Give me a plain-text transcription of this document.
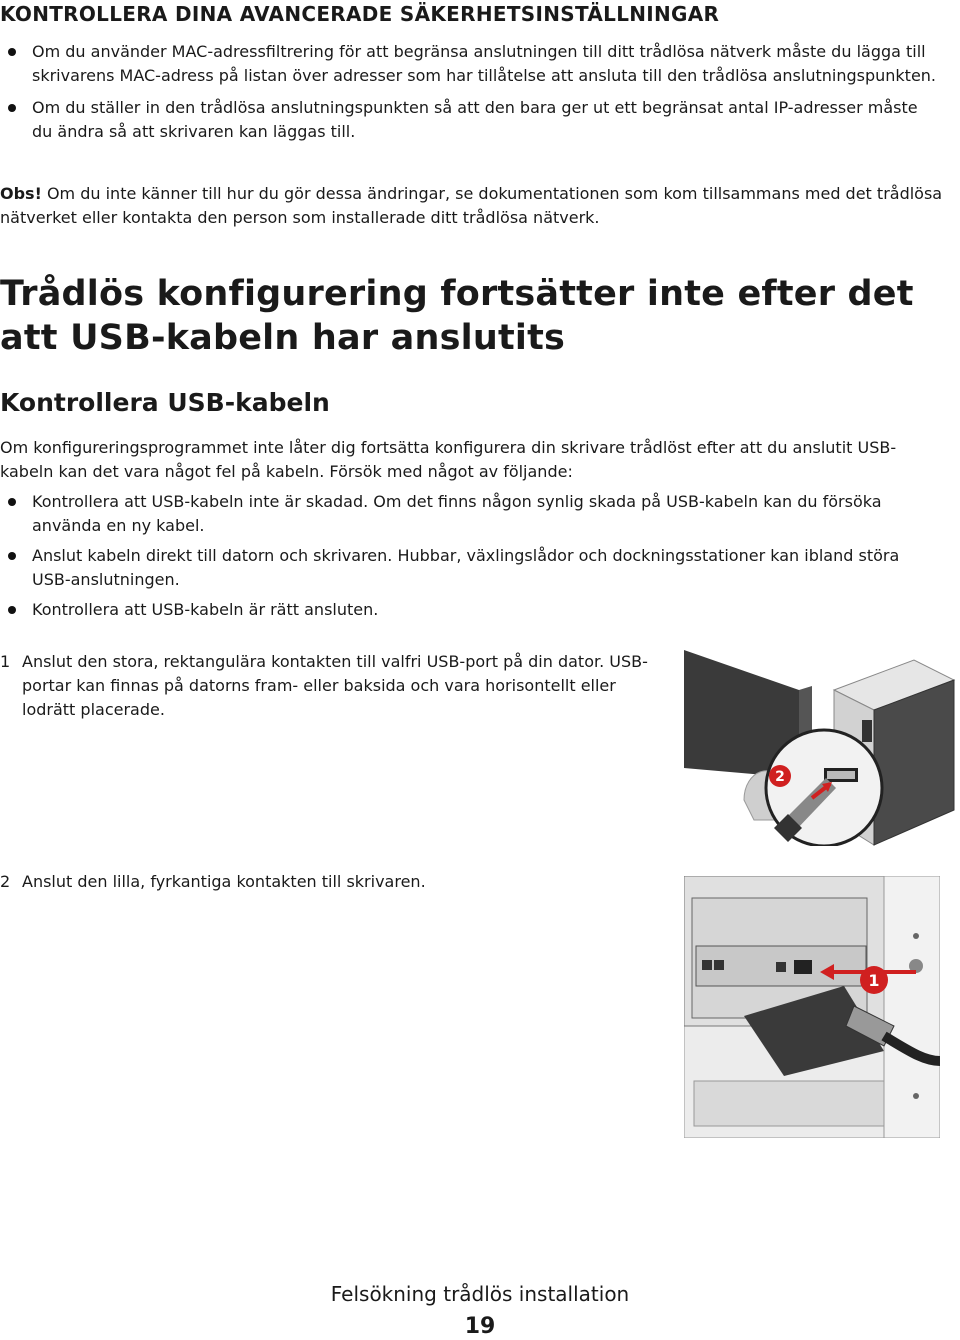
KONTROLLERA DINA AVANCERADE SÄKERHETSINSTÄLLNINGAR
Om du använder MAC-adressfiltrering för att begränsa anslutningen till ditt trådlösa nätverk måste du lägga till skrivarens MAC-adress på listan över adresser som har tillåtelse att ansluta till den trådlösa anslutningspunkten.
Om du ställer in den trådlösa anslutningspunkten så att den bara ger ut ett begränsat antal IP-adresser måste du ändra så att skrivaren kan läggas till.
Obs! Om du inte känner till hur du gör dessa ändringar, se dokumentationen som kom tillsammans med det trådlösa nätverket eller kontakta den person som installerade ditt trådlösa nätverk.
Trådlös konfigurering fortsätter inte efter det att USB-kabeln har anslutits
Kontrollera USB-kabeln
Om konfigureringsprogrammet inte låter dig fortsätta konfigurera din skrivare trådlöst efter att du anslutit USB-kabeln kan det vara något fel på kabeln. Försök med något av följande:
Kontrollera att USB-kabeln inte är skadad. Om det finns någon synlig skada på USB-kabeln kan du försöka använda en ny kabel.
Anslut kabeln direkt till datorn och skrivaren. Hubbar, växlingslådor och dockningsstationer kan ibland störa USB-anslutningen.
Kontrollera att USB-kabeln är rätt ansluten.
1 Anslut den stora, rektangulära kontakten till valfri USB-port på din dator. USB-portar kan finnas på datorns fram- eller baksida och vara horisontellt eller lodrätt placerade.
2
2 Anslut den lilla, fyrkantiga kontakten till skrivaren.
1
Felsökning trådlös installation
19
